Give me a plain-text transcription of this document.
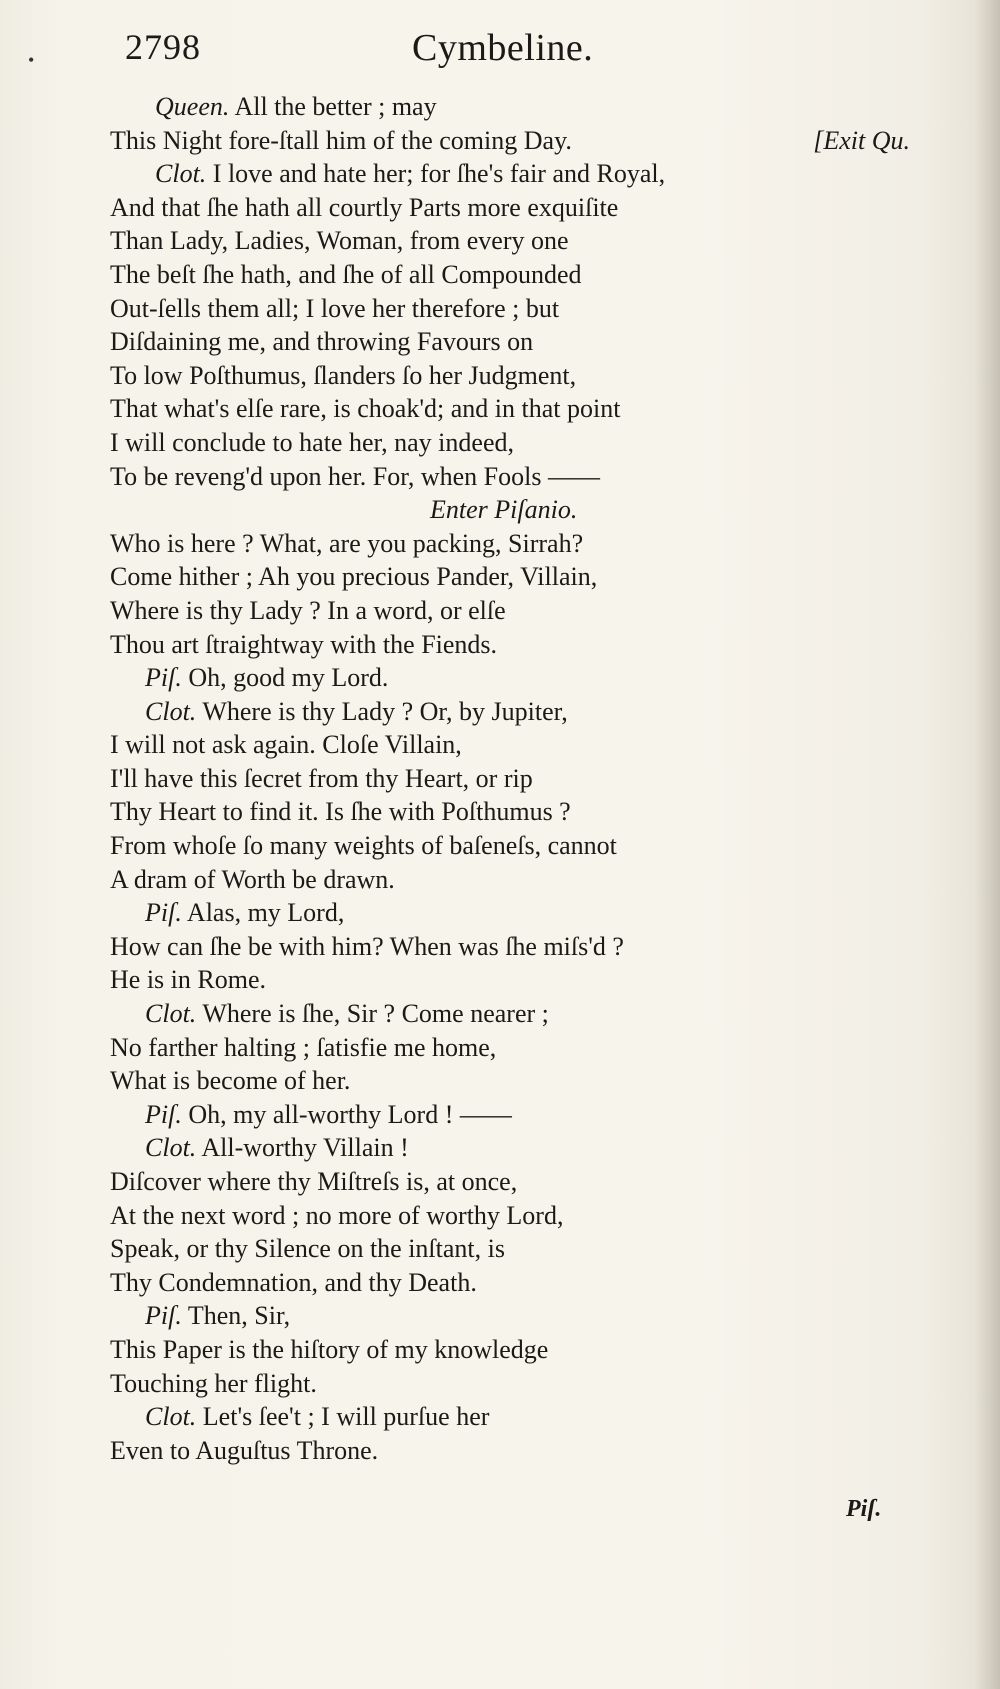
•	2798	Cymbeline.
Queen. All the better ; may
This Night fore-ſtall him of the coming Day.	[Exit Qu.
Clot. I love and hate her; for ſhe's fair and Royal,
And that ſhe hath all courtly Parts more exquiſite
Than Lady, Ladies, Woman, from every one
The beſt ſhe hath, and ſhe of all Compounded
Out-ſells them all; I love her therefore ; but
Diſdaining me, and throwing Favours on
To low Poſthumus, ſlanders ſo her Judgment,
That what's elſe rare, is choak'd; and in that point
I will conclude to hate her, nay indeed,
To be reveng'd upon her. For, when Fools ——
Enter Piſanio.
Who is here ? What, are you packing, Sirrah?
Come hither ; Ah you precious Pander, Villain,
Where is thy Lady ? In a word, or elſe
Thou art ſtraightway with the Fiends.
Piſ. Oh, good my Lord.
Clot. Where is thy Lady ? Or, by Jupiter,
I will not ask again. Cloſe Villain,
I'll have this ſecret from thy Heart, or rip
Thy Heart to find it. Is ſhe with Poſthumus ?
From whoſe ſo many weights of baſeneſs, cannot
A dram of Worth be drawn.
Piſ. Alas, my Lord,
How can ſhe be with him? When was ſhe miſs'd ?
He is in Rome.
Clot. Where is ſhe, Sir ? Come nearer ;
No farther halting ; ſatisfie me home,
What is become of her.
Piſ. Oh, my all-worthy Lord ! ——
Clot. All-worthy Villain !
Diſcover where thy Miſtreſs is, at once,
At the next word ; no more of worthy Lord,
Speak, or thy Silence on the inſtant, is
Thy Condemnation, and thy Death.
Piſ. Then, Sir,
This Paper is the hiſtory of my knowledge
Touching her flight.
Clot. Let's ſee't ; I will purſue her
Even to Auguſtus Throne.
Piſ.
